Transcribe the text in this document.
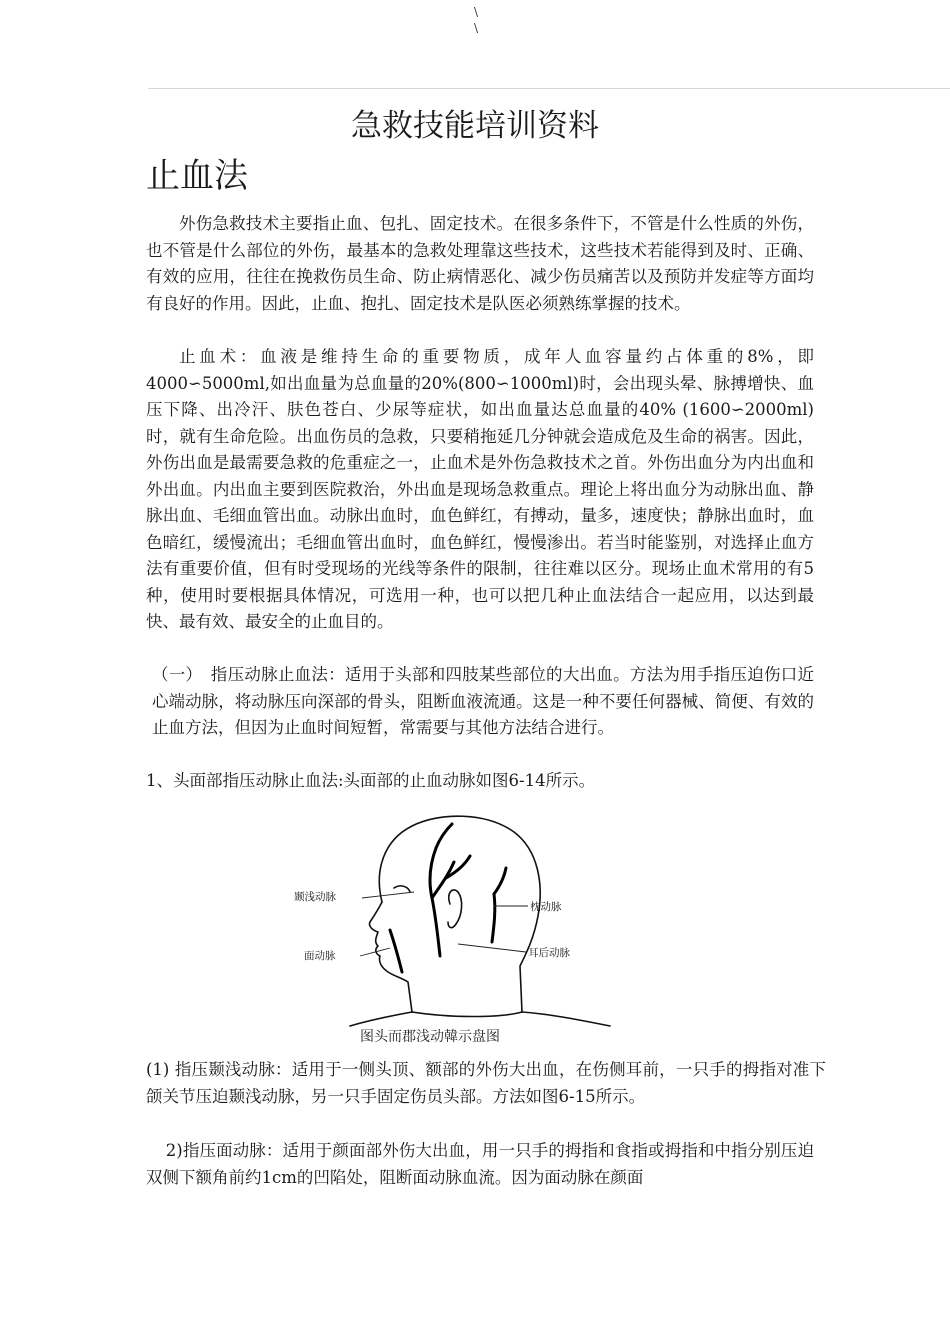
\
\
急救技能培训资料
止血法

外伤急救技术主要指止血、包扎、固定技术。在很多条件下，不管是什么性质的外伤，也不管是什么部位的外伤，最基本的急救处理靠这些技术，这些技术若能得到及时、正确、有效的应用，往往在挽救伤员生命、防止病情恶化、减少伤员痛苦以及预防并发症等方面均有良好的作用。因此，止血、抱扎、固定技术是队医必须熟练掌握的技术。

止血术：血液是维持生命的重要物质，成年人血容量约占体重的8%，即4000∽5000ml,如出血量为总血量的20%(800∽1000ml)时，会出现头晕、脉搏增快、血压下降、出冷汗、肤色苍白、少尿等症状，如出血量达总血量的40% (1600∽2000ml)时，就有生命危险。出血伤员的急救，只要稍拖延几分钟就会造成危及生命的祸害。因此，外伤出血是最需要急救的危重症之一，止血术是外伤急救技术之首。外伤出血分为内出血和外出血。内出血主要到医院救治，外出血是现场急救重点。理论上将出血分为动脉出血、静脉出血、毛细血管出血。动脉出血时，血色鲜红，有搏动，量多，速度快；静脉出血时，血色暗红，缓慢流出；毛细血管出血时，血色鲜红，慢慢渗出。若当时能鉴别，对选择止血方法有重要价值，但有时受现场的光线等条件的限制，往往难以区分。现场止血术常用的有5种，使用时要根据具体情况，可选用一种，也可以把几种止血法结合一起应用，以达到最快、最有效、最安全的止血目的。

（一）　指压动脉止血法：适用于头部和四肢某些部位的大出血。方法为用手指压迫伤口近心端动脉，将动脉压向深部的骨头，阻断血液流通。这是一种不要任何器械、简便、有效的止血方法，但因为止血时间短暂，常需要与其他方法结合进行。

1、头面部指压动脉止血法:头面部的止血动脉如图6-14所示。

颞浅动脉
面动脉
枕动脉
耳后动脉

图头而郡浅动韓示盘图

(1) 指压颞浅动脉：适用于一侧头顶、额部的外伤大出血，在伤侧耳前，一只手的拇指对准下颌关节压迫颞浅动脉，另一只手固定伤员头部。方法如图6-15所示。

2)指压面动脉：适用于颜面部外伤大出血，用一只手的拇指和食指或拇指和中指分别压迫双侧下额角前约1cm的凹陷处，阻断面动脉血流。因为面动脉在颜面
